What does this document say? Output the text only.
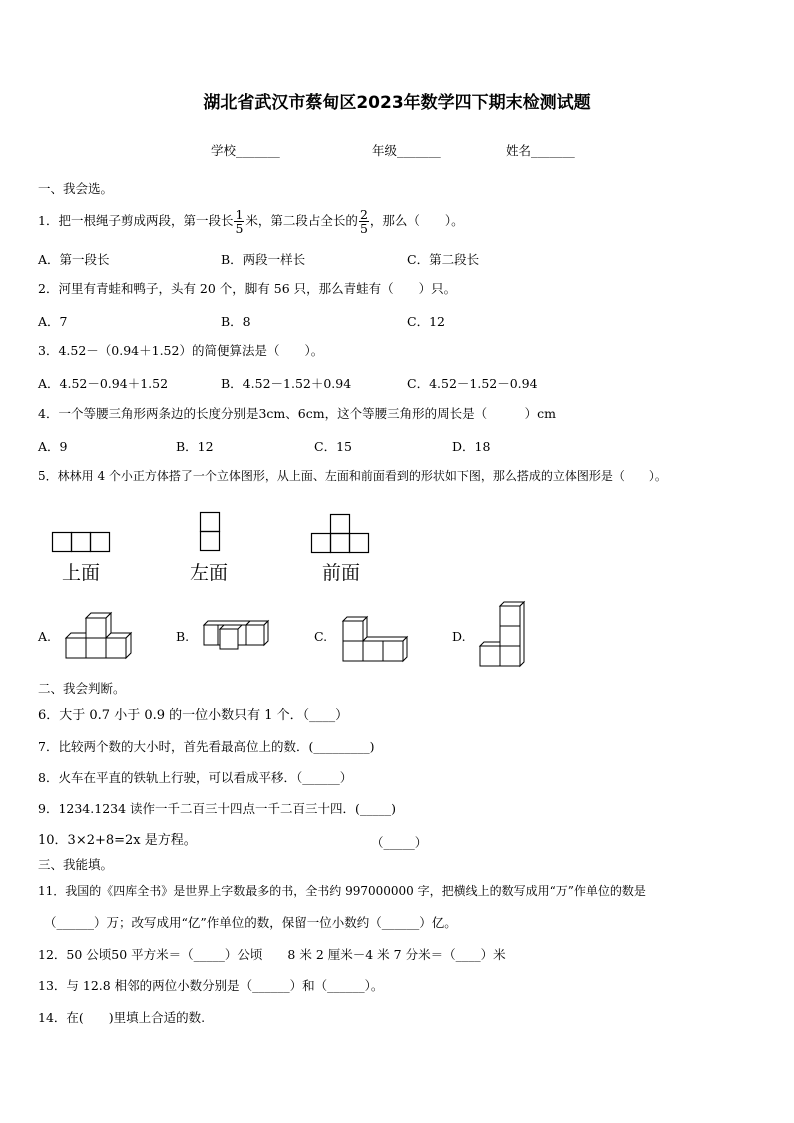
湖北省武汉市蔡甸区2023年数学四下期末检测试题
学校_______	年级_______	姓名_______
一、我会选。
1．把一根绳子剪成两段，第一段长 $\frac{1}{5}$ 米，第二段占全长的 $\frac{2}{5}$ ，那么（　　）。
A．第一段长	B．两段一样长	C．第二段长
2．河里有青蛙和鸭子，头有 20 个，脚有 56 只，那么青蛙有（　　）只。
A．7	B．8	C．12
3．4.52－（0.94＋1.52）的简便算法是（　　）。
A．4.52－0.94＋1.52	B．4.52－1.52＋0.94	C．4.52－1.52－0.94
4．一个等腰三角形两条边的长度分别是3cm、6cm，这个等腰三角形的周长是（　　　）cm
A．9	B．12	C．15	D．18
5．林林用 4 个小正方体搭了一个立体图形，从上面、左面和前面看到的形状如下图，那么搭成的立体图形是（　　）。
上面	左面	前面
A.	B.	C.	D.
二、我会判断。
6．大于 0.7 小于 0.9 的一位小数只有 1 个．（____）
7．比较两个数的大小时，首先看最高位上的数．(_________)
8．火车在平直的铁轨上行驶，可以看成平移．（______）
9．1234.1234 读作一千二百三十四点一千二百三十四．(_____)
10．3×2+8=2x 是方程。	（_____）
三、我能填。
11．我国的《四库全书》是世界上字数最多的书，全书约 997000000 字，把横线上的数写成用“万”作单位的数是
（______）万；改写成用“亿”作单位的数，保留一位小数约（______）亿。
12．50 公顷50 平方米＝（_____）公顷　　8 米 2 厘米－4 米 7 分米＝（____）米
13．与 12.8 相邻的两位小数分别是（______）和（______）。
14．在(　　)里填上合适的数.
